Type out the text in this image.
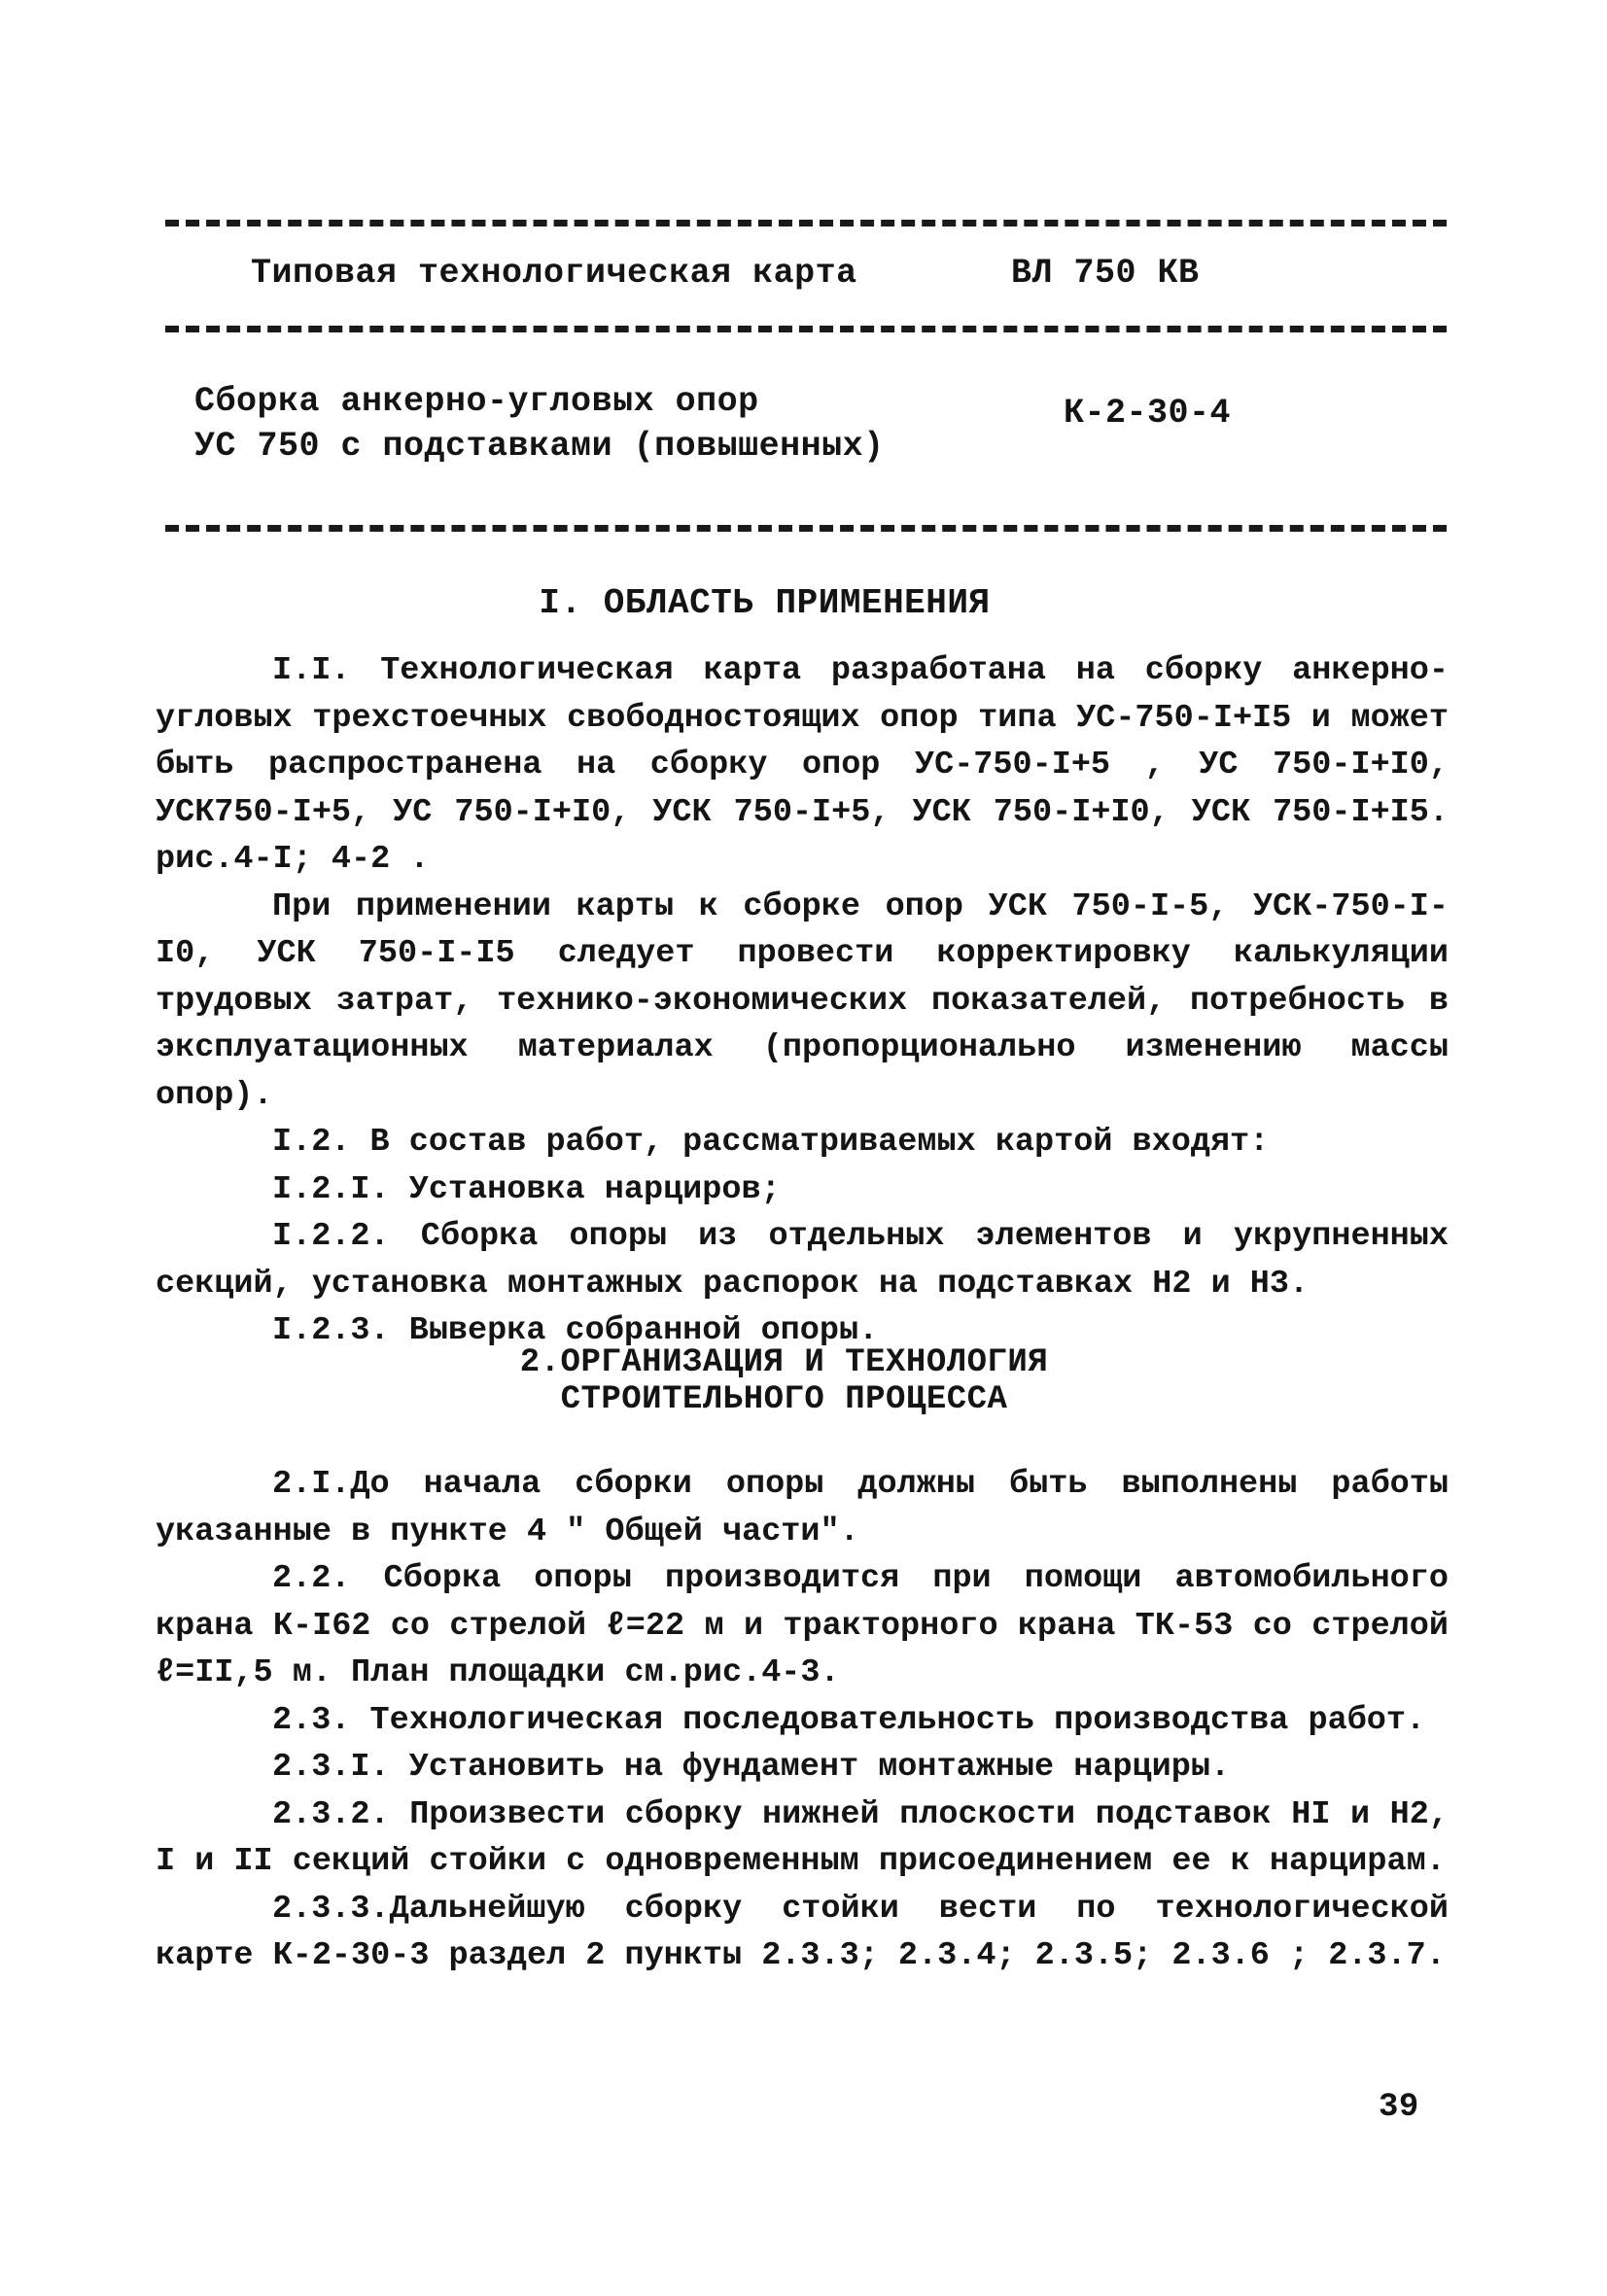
Типовая технологическая карта	ВЛ 750 КВ
Сборка анкерно-угловых опор
УС 750 с подставками (повышенных)
К-2-30-4
I. ОБЛАСТЬ ПРИМЕНЕНИЯ

I.I. Технологическая карта разработана на сборку анкерно-угловых трехстоечных свободностоящих опор типа УС-750-I+I5 и может быть распространена на сборку опор УС-750-I+5 , УС 750-I+I0, УСК750-I+5, УС 750-I+I0, УСК 750-I+5, УСК 750-I+I0, УСК 750-I+I5. рис.4-I; 4-2 .

При применении карты к сборке опор УСК 750-I-5, УСК-750-I-I0, УСК 750-I-I5 следует провести корректировку калькуляции трудовых затрат, технико-экономических показателей, потребность в эксплуатационных материалах (пропорционально изменению массы опор).

I.2. В состав работ, рассматриваемых картой входят:

I.2.I. Установка нарциров;

I.2.2. Сборка опоры из отдельных элементов и укрупненных секций, установка монтажных распорок на подставках Н2 и Н3.

I.2.3. Выверка собранной опоры.

2.ОРГАНИЗАЦИЯ И ТЕХНОЛОГИЯ
СТРОИТЕЛЬНОГО ПРОЦЕССА

2.I.До начала сборки опоры должны быть выполнены работы указанные в пункте 4 " Общей части".

2.2. Сборка опоры производится при помощи автомобильного крана К-I62 со стрелой ℓ=22 м и тракторного крана ТК-53 со стрелой ℓ=II,5 м. План площадки см.рис.4-3.

2.3. Технологическая последовательность производства работ.

2.3.I. Установить на фундамент монтажные нарциры.

2.3.2. Произвести сборку нижней плоскости подставок НI и Н2, I и II секций стойки с одновременным присоединением ее к нарцирам.

2.3.3.Дальнейшую сборку стойки вести по технологической карте К-2-30-3 раздел 2 пункты 2.3.3; 2.3.4; 2.3.5; 2.3.6 ; 2.3.7.

39
